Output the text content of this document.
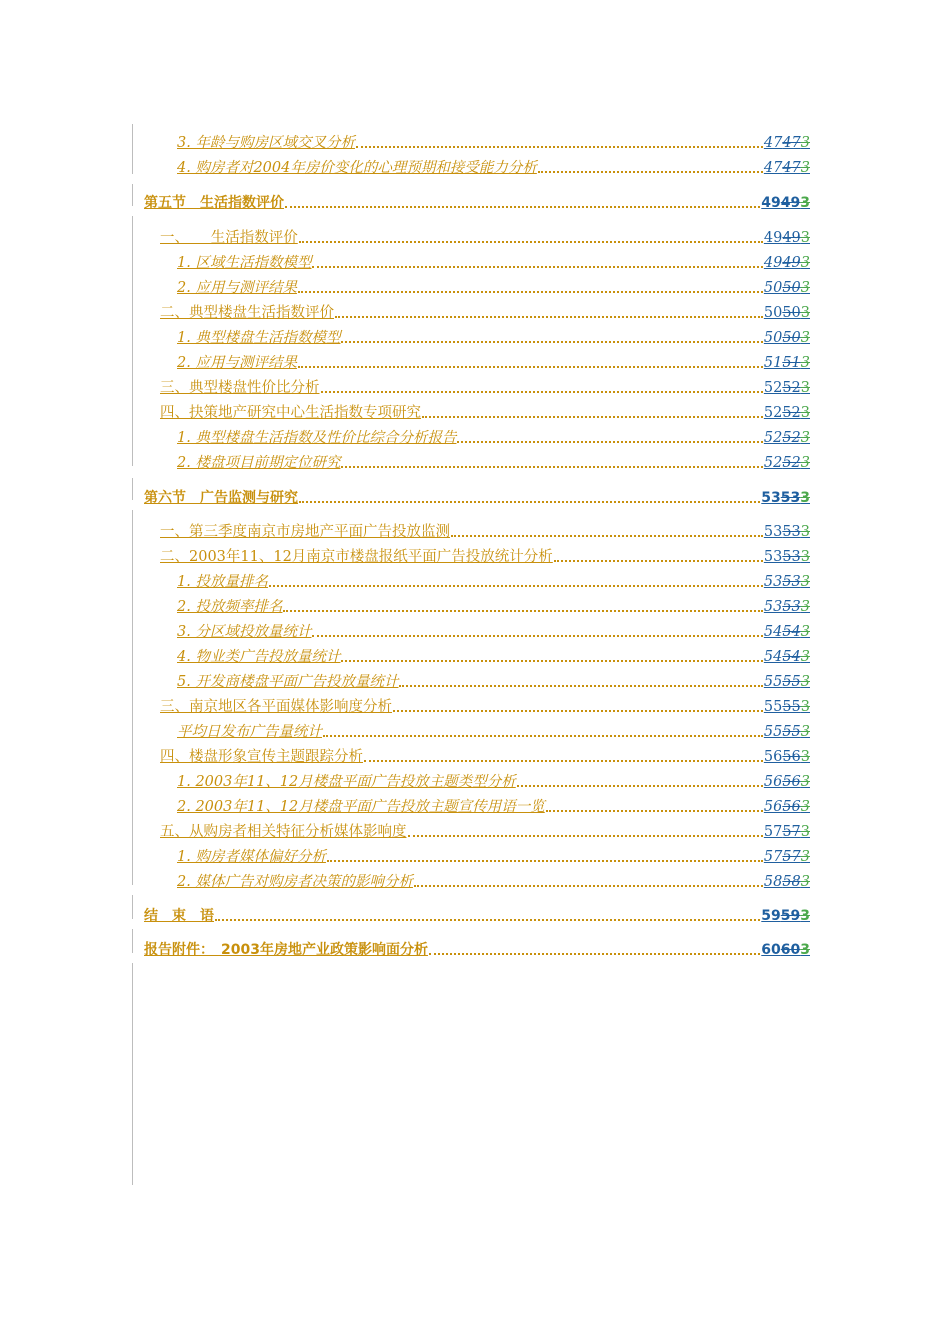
3. 年龄与购房区域交叉分析	47 47 3
4. 购房者对2004年房价变化的心理预期和接受能力分析	47 47 3
第五节　生活指数评价	49 49 3
一、　　生活指数评价	49 49 3
1. 区域生活指数模型	49 49 3
2. 应用与测评结果	50 50 3
二、典型楼盘生活指数评价	50 50 3
1. 典型楼盘生活指数模型	50 50 3
2. 应用与测评结果	51 51 3
三、典型楼盘性价比分析	52 52 3
四、抉策地产研究中心生活指数专项研究	52 52 3
1. 典型楼盘生活指数及性价比综合分析报告	52 52 3
2. 楼盘项目前期定位研究	52 52 3
第六节　广告监测与研究	53 53 3
一、第三季度南京市房地产平面广告投放监测	53 53 3
二、2003年11、12月南京市楼盘报纸平面广告投放统计分析	53 53 3
1. 投放量排名	53 53 3
2. 投放频率排名	53 53 3
3. 分区域投放量统计	54 54 3
4. 物业类广告投放量统计	54 54 3
5. 开发商楼盘平面广告投放量统计	55 55 3
三、南京地区各平面媒体影响度分析	55 55 3
平均日发布广告量统计	55 55 3
四、楼盘形象宣传主题跟踪分析	56 56 3
1. 2003年11、12月楼盘平面广告投放主题类型分析	56 56 3
2. 2003年11、12月楼盘平面广告投放主题宣传用语一览	56 56 3
五、从购房者相关特征分析媒体影响度	57 57 3
1. 购房者媒体偏好分析	57 57 3
2. 媒体广告对购房者决策的影响分析	58 58 3
结　束　语	59 59 3
报告附件：　2003年房地产业政策影响面分析	60 60 3
